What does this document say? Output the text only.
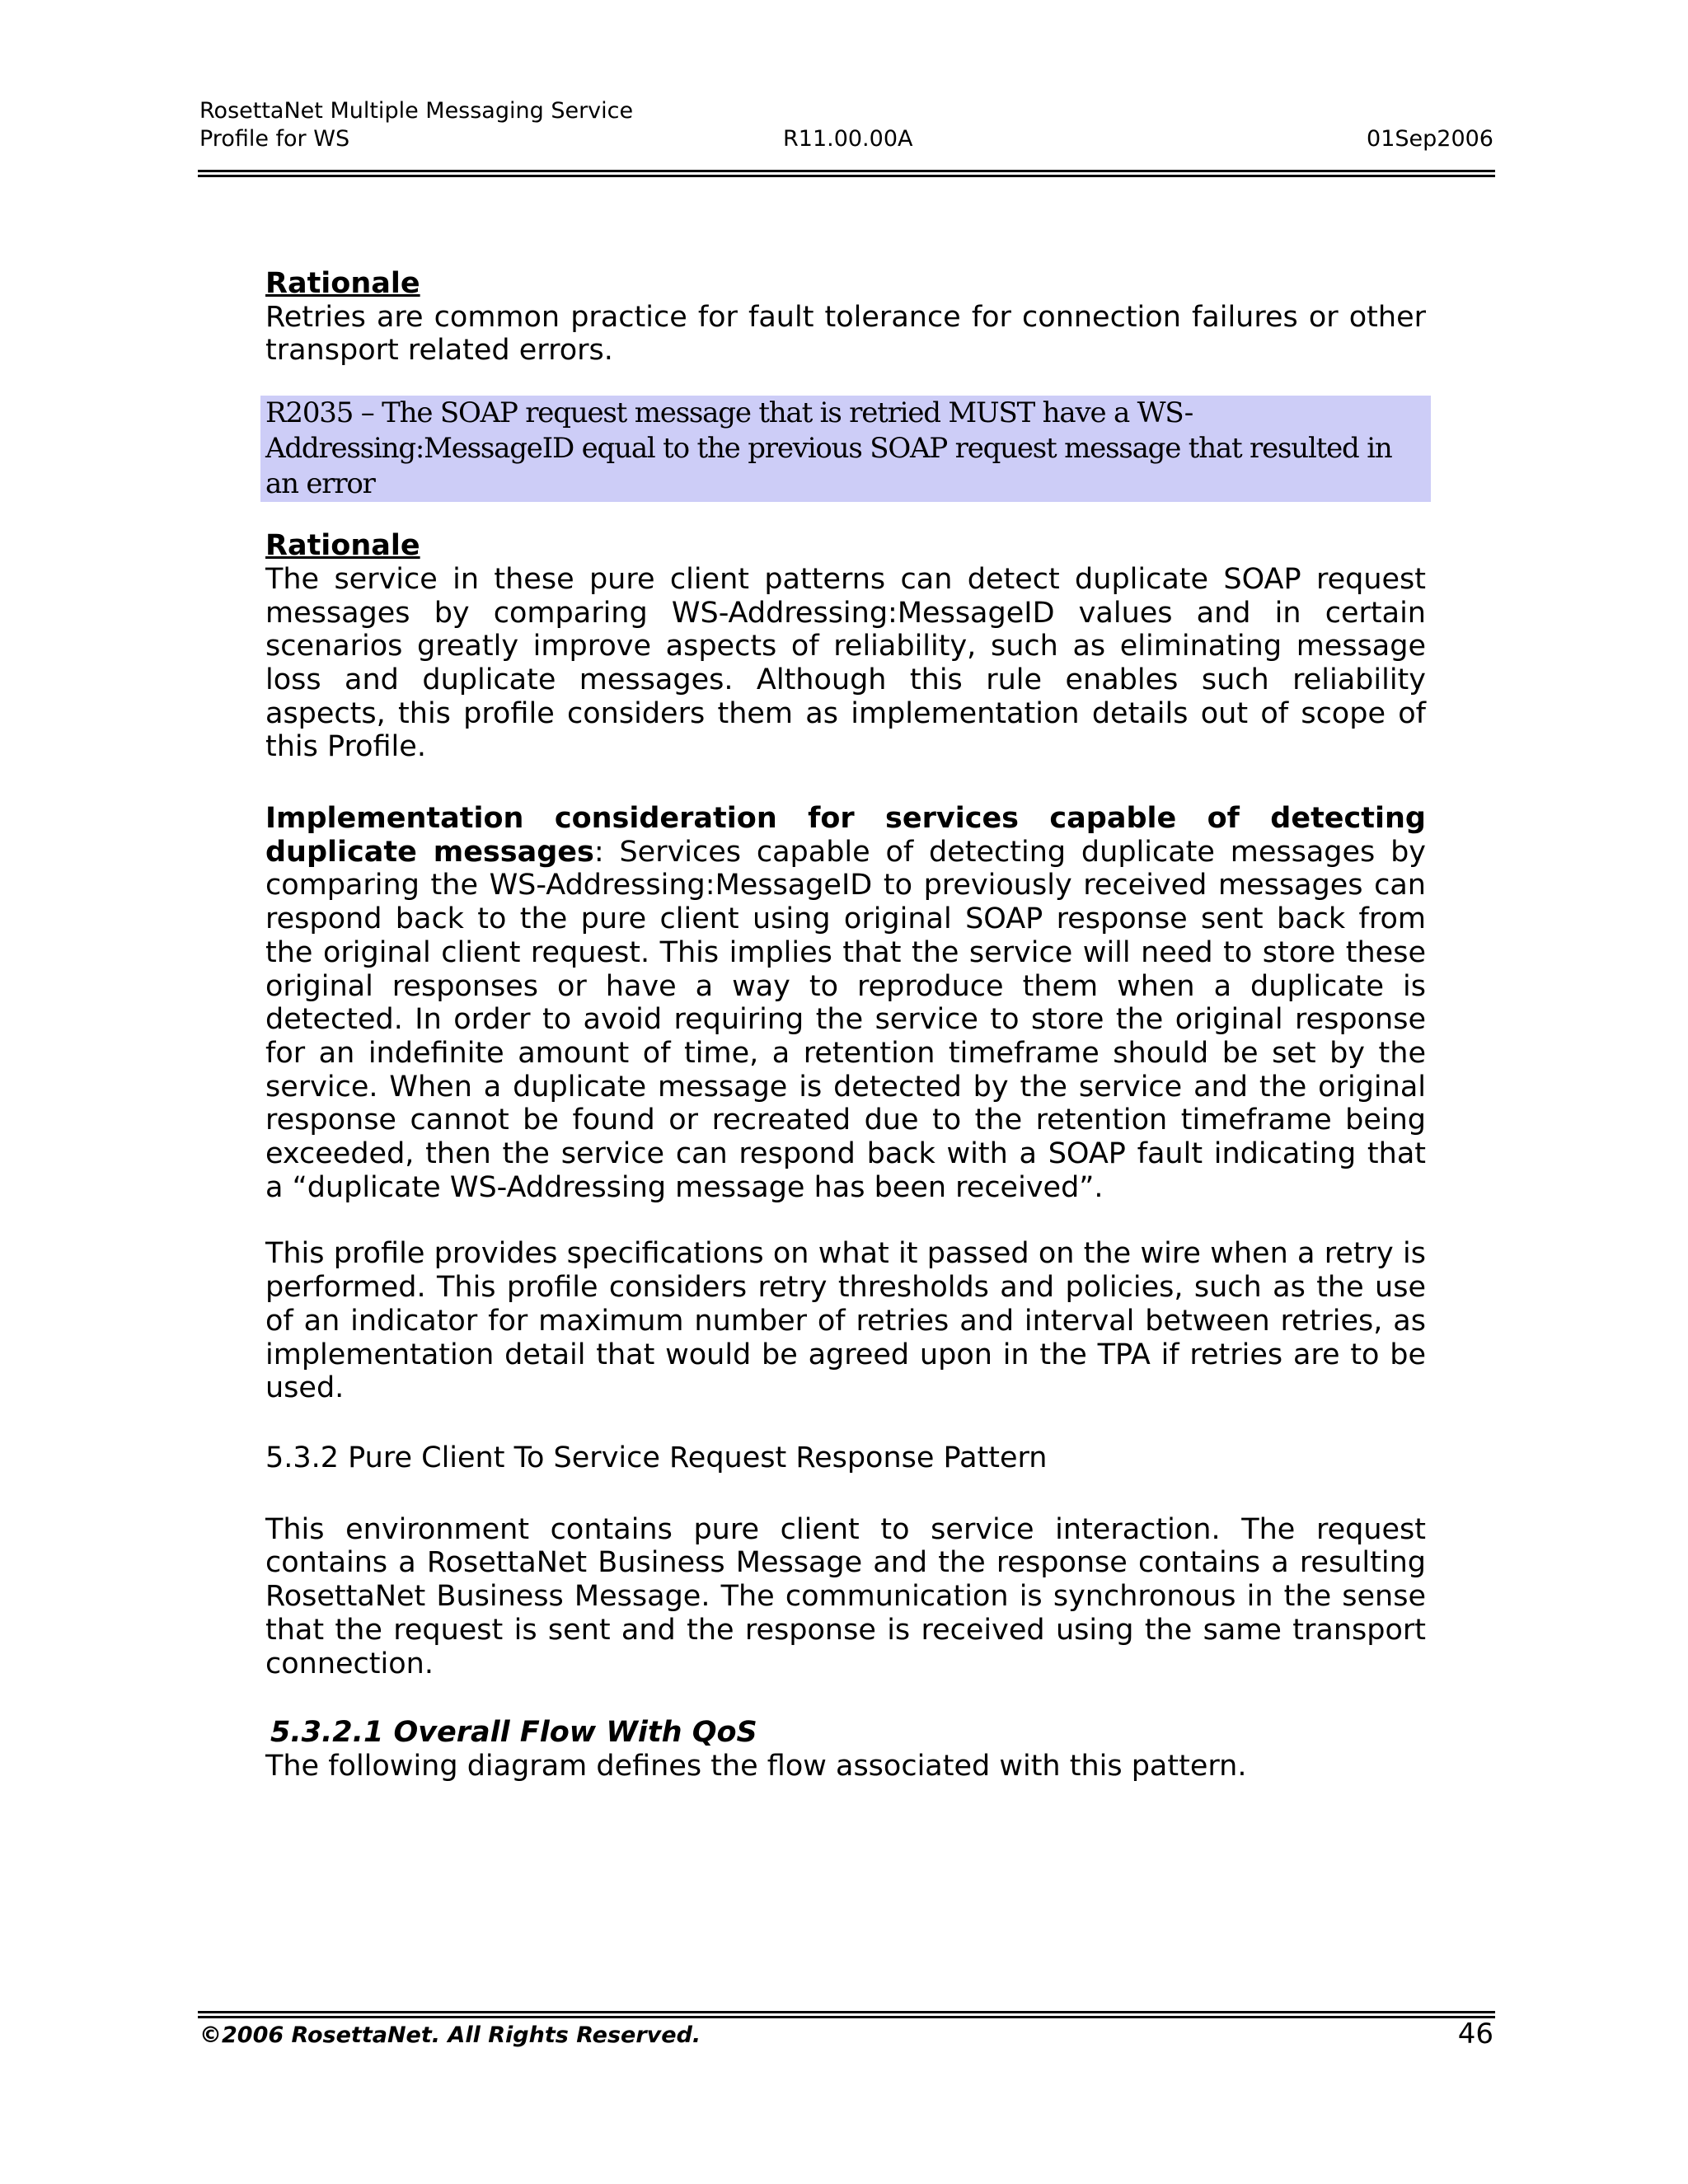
RosettaNet Multiple Messaging Service
Profile for WS	R11.00.00A	01Sep2006

Rationale
Retries are common practice for fault tolerance for connection failures or other transport related errors.

R2035 – The SOAP request message that is retried MUST have a WS-Addressing:MessageID equal to the previous SOAP request message that resulted in an error

Rationale
The service in these pure client patterns can detect duplicate SOAP request messages by comparing WS-Addressing:MessageID values and in certain scenarios greatly improve aspects of reliability, such as eliminating message loss and duplicate messages. Although this rule enables such reliability aspects, this profile considers them as implementation details out of scope of this Profile.

Implementation consideration for services capable of detecting duplicate messages: Services capable of detecting duplicate messages by comparing the WS-Addressing:MessageID to previously received messages can respond back to the pure client using original SOAP response sent back from the original client request. This implies that the service will need to store these original responses or have a way to reproduce them when a duplicate is detected. In order to avoid requiring the service to store the original response for an indefinite amount of time, a retention timeframe should be set by the service. When a duplicate message is detected by the service and the original response cannot be found or recreated due to the retention timeframe being exceeded, then the service can respond back with a SOAP fault indicating that a “duplicate WS-Addressing message has been received”.

This profile provides specifications on what it passed on the wire when a retry is performed. This profile considers retry thresholds and policies, such as the use of an indicator for maximum number of retries and interval between retries, as implementation detail that would be agreed upon in the TPA if retries are to be used.

5.3.2 Pure Client To Service Request Response Pattern

This environment contains pure client to service interaction. The request contains a RosettaNet Business Message and the response contains a resulting RosettaNet Business Message. The communication is synchronous in the sense that the request is sent and the response is received using the same transport connection.

5.3.2.1 Overall Flow With QoS

The following diagram defines the flow associated with this pattern.

©2006 RosettaNet. All Rights Reserved.	46
